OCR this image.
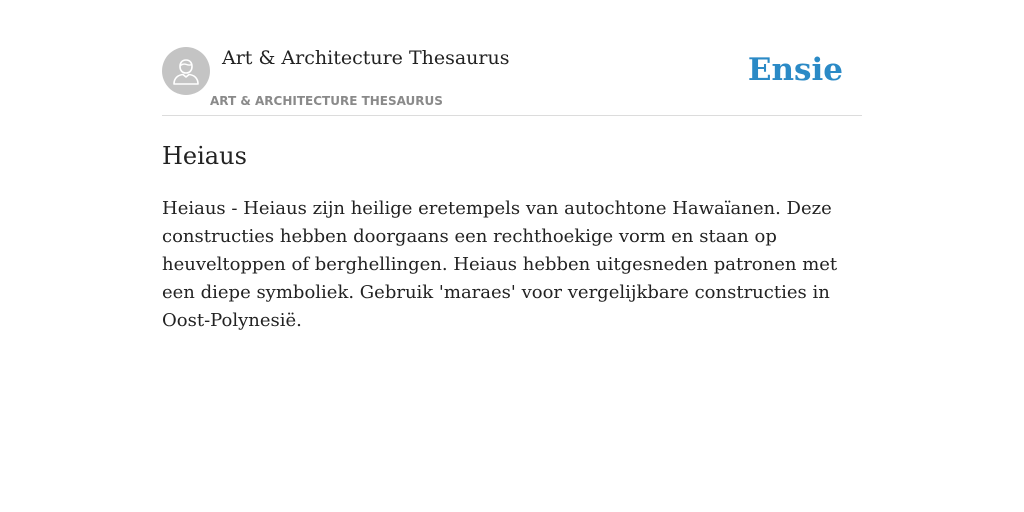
Art & Architecture Thesaurus
ART & ARCHITECTURE THESAURUS
Ensie
Heiaus

Heiaus - Heiaus zijn heilige eretempels van autochtone Hawaïanen. Deze constructies hebben doorgaans een rechthoekige vorm en staan op heuveltoppen of berghellingen. Heiaus hebben uitgesneden patronen met een diepe symboliek. Gebruik 'maraes' voor vergelijkbare constructies in Oost-Polynesië.
